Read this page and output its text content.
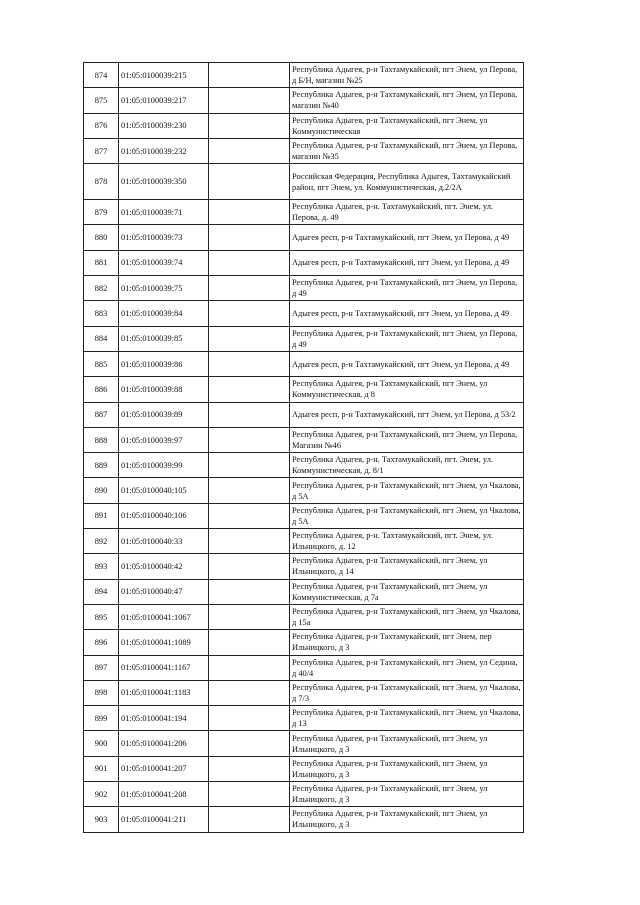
874	01:05:0100039:215		Республика Адыгея, р-н Тахтамукайский, пгт Энем, ул Перова, д Б/Н, магазин №25
875	01:05:0100039:217		Республика Адыгея, р-н Тахтамукайский, пгт Энем, ул Перова, магазин №40
876	01:05:0100039:230		Республика Адыгея, р-н Тахтамукайский, пгт Энем, ул Коммунистическая
877	01:05:0100039:232		Республика Адыгея, р-н Тахтамукайский, пгт Энем, ул Перова, магазин №35
878	01:05:0100039:350		Российская Федерация, Республика Адыгея, Тахтамукайский район, пгт Энем, ул. Коммунистическая, д.2/2А
879	01:05:0100039:71		Республика Адыгея, р-н. Тахтамукайский, пгт. Энем, ул. Перова, д. 49
880	01:05:0100039:73		Адыгея респ, р-н Тахтамукайский, пгт Энем, ул Перова, д 49
881	01:05:0100039:74		Адыгея респ, р-н Тахтамукайский, пгт Энем, ул Перова, д 49
882	01:05:0100039:75		Республика Адыгея, р-н Тахтамукайский, пгт Энем, ул Перова, д 49
883	01:05:0100039:84		Адыгея респ, р-н Тахтамукайский, пгт Энем, ул Перова, д 49
884	01:05:0100039:85		Республика Адыгея, р-н Тахтамукайский, пгт Энем, ул Перова, д 49
885	01:05:0100039:86		Адыгея респ, р-н Тахтамукайский, пгт Энем, ул Перова, д 49
886	01:05:0100039:88		Республика Адыгея, р-н Тахтамукайский, пгт Энем, ул Коммунистическая, д 8
887	01:05:0100039:89		Адыгея респ, р-н Тахтамукайский, пгт Энем, ул Перова, д 53/2
888	01:05:0100039:97		Республика Адыгея, р-н Тахтамукайский, пгт Энем, ул Перова, Магазин №46
889	01:05:0100039:99		Республика Адыгея, р-н. Тахтамукайский, пгт. Энем, ул. Коммунистическая, д. 8/1
890	01:05:0100040:105		Республика Адыгея, р-н Тахтамукайский, пгт Энем, ул Чкалова, д 5А
891	01:05:0100040:106		Республика Адыгея, р-н Тахтамукайский, пгт Энем, ул Чкалова, д 5А
892	01:05:0100040:33		Республика Адыгея, р-н. Тахтамукайский, пгт. Энем, ул. Ильницкого, д. 12
893	01:05:0100040:42		Республика Адыгея, р-н Тахтамукайский, пгт Энем, ул Ильницкого, д 14
894	01:05:0100040:47		Республика Адыгея, р-н Тахтамукайский, пгт Энем, ул Коммунистическая, д 7а
895	01:05:0100041:1067		Республика Адыгея, р-н Тахтамукайский, пгт Энем, ул Чкалова, д 15а
896	01:05:0100041:1089		Республика Адыгея, р-н Тахтамукайский, пгт Энем, пер Ильницкого, д 3
897	01:05:0100041:1167		Республика Адыгея, р-н Тахтамукайский, пгт Энем, ул Седина, д 40/4
898	01:05:0100041:1183		Республика Адыгея, р-н Тахтамукайский, пгт Энем, ул Чкалова, д 7/3
899	01:05:0100041:194		Республика Адыгея, р-н Тахтамукайский, пгт Энем, ул Чкалова, д 13
900	01:05:0100041:206		Республика Адыгея, р-н Тахтамукайский, пгт Энем, ул Ильницкого, д 3
901	01:05:0100041:207		Республика Адыгея, р-н Тахтамукайский, пгт Энем, ул Ильницкого, д 3
902	01:05:0100041:208		Республика Адыгея, р-н Тахтамукайский, пгт Энем, ул Ильницкого, д 3
903	01:05:0100041:211		Республика Адыгея, р-н Тахтамукайский, пгт Энем, ул Ильницкого, д 3
